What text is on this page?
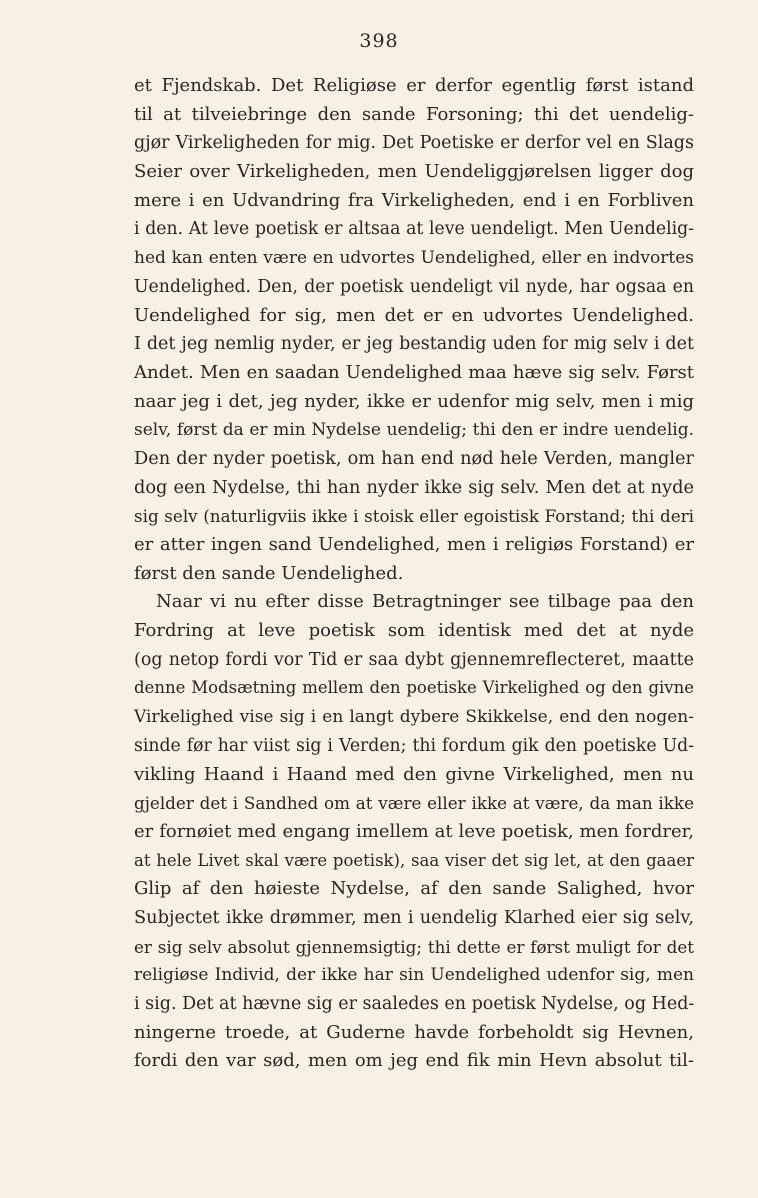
398
et Fjendskab. Det Religiøse er derfor egentlig først istand
til at tilveiebringe den sande Forsoning; thi det uendelig-
gjør Virkeligheden for mig. Det Poetiske er derfor vel en Slags
Seier over Virkeligheden, men Uendeliggjørelsen ligger dog
mere i en Udvandring fra Virkeligheden, end i en Forbliven
i den. At leve poetisk er altsaa at leve uendeligt. Men Uendelig-
hed kan enten være en udvortes Uendelighed, eller en indvortes
Uendelighed. Den, der poetisk uendeligt vil nyde, har ogsaa en
Uendelighed for sig, men det er en udvortes Uendelighed.
I det jeg nemlig nyder, er jeg bestandig uden for mig selv i det
Andet. Men en saadan Uendelighed maa hæve sig selv. Først
naar jeg i det, jeg nyder, ikke er udenfor mig selv, men i mig
selv, først da er min Nydelse uendelig; thi den er indre uendelig.
Den der nyder poetisk, om han end nød hele Verden, mangler
dog een Nydelse, thi han nyder ikke sig selv. Men det at nyde
sig selv (naturligviis ikke i stoisk eller egoistisk Forstand; thi deri
er atter ingen sand Uendelighed, men i religiøs Forstand) er
først den sande Uendelighed.
Naar vi nu efter disse Betragtninger see tilbage paa den
Fordring at leve poetisk som identisk med det at nyde
(og netop fordi vor Tid er saa dybt gjennemreflecteret, maatte
denne Modsætning mellem den poetiske Virkelighed og den givne
Virkelighed vise sig i en langt dybere Skikkelse, end den nogen-
sinde før har viist sig i Verden; thi fordum gik den poetiske Ud-
vikling Haand i Haand med den givne Virkelighed, men nu
gjelder det i Sandhed om at være eller ikke at være, da man ikke
er fornøiet med engang imellem at leve poetisk, men fordrer,
at hele Livet skal være poetisk), saa viser det sig let, at den gaaer
Glip af den høieste Nydelse, af den sande Salighed, hvor
Subjectet ikke drømmer, men i uendelig Klarhed eier sig selv,
er sig selv absolut gjennemsigtig; thi dette er først muligt for det
religiøse Individ, der ikke har sin Uendelighed udenfor sig, men
i sig. Det at hævne sig er saaledes en poetisk Nydelse, og Hed-
ningerne troede, at Guderne havde forbeholdt sig Hevnen,
fordi den var sød, men om jeg end fik min Hevn absolut til-
